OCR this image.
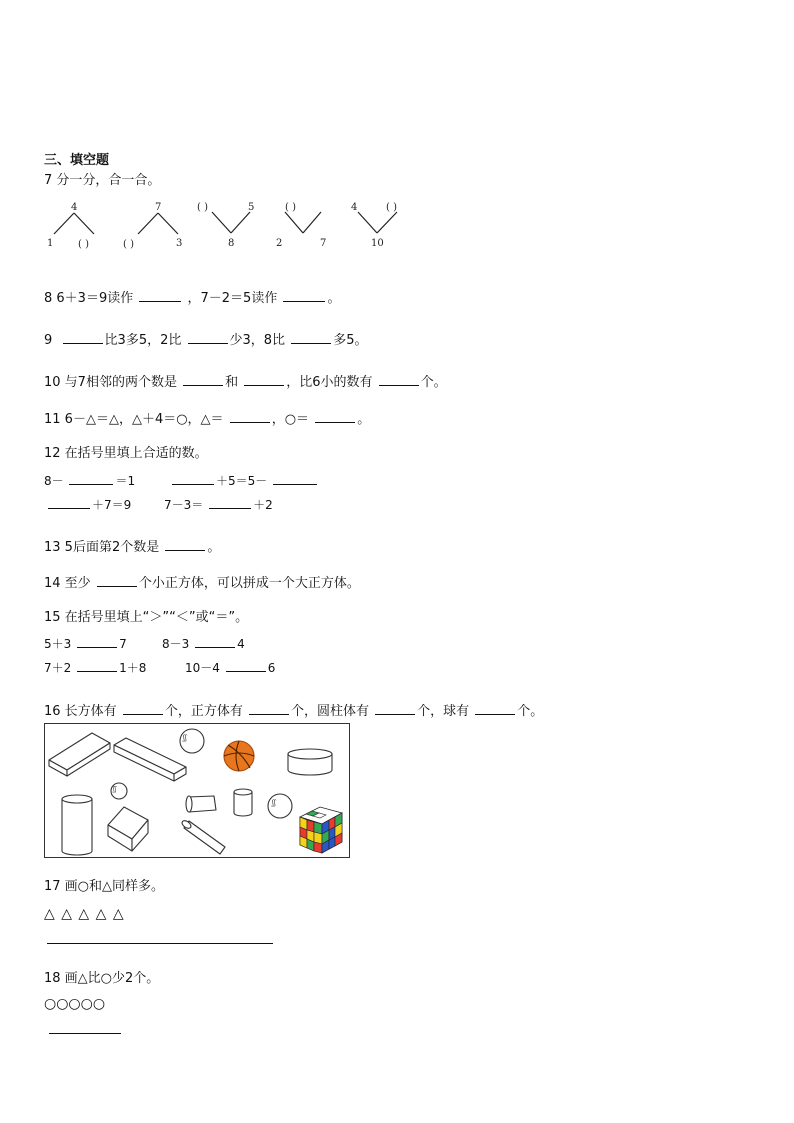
三、填空题
7 分一分，合一合。
4
1 ( )
7
( )	3
( )	5
8
( )
2	7
4	( )
10
8 6＋3＝9读作	，7－2＝5读作	。
9	比3多5，2比	少3，8比	多5。
10 与7相邻的两个数是	和	，比6小的数有	个。
11 6－△＝△，△＋4＝○，△＝	，○＝	。
12 在括号里填上合适的数。
8－	＝1	＋5＝5－
＋7＝9	7－3＝	＋2
13 5后面第2个数是	。
14 至少	个小正方体，可以拼成一个大正方体。
15 在括号里填上“＞”“＜”或“＝”。
5＋3	7	8－3	4
7＋2	1＋8	10－4	6
16 长方体有	个，正方体有	个，圆柱体有	个，球有	个。
ʃʃ
ʃʃ
ʃʃ
17 画○和△同样多。
△ △ △ △ △
18 画△比○少2个。
○○○○○
